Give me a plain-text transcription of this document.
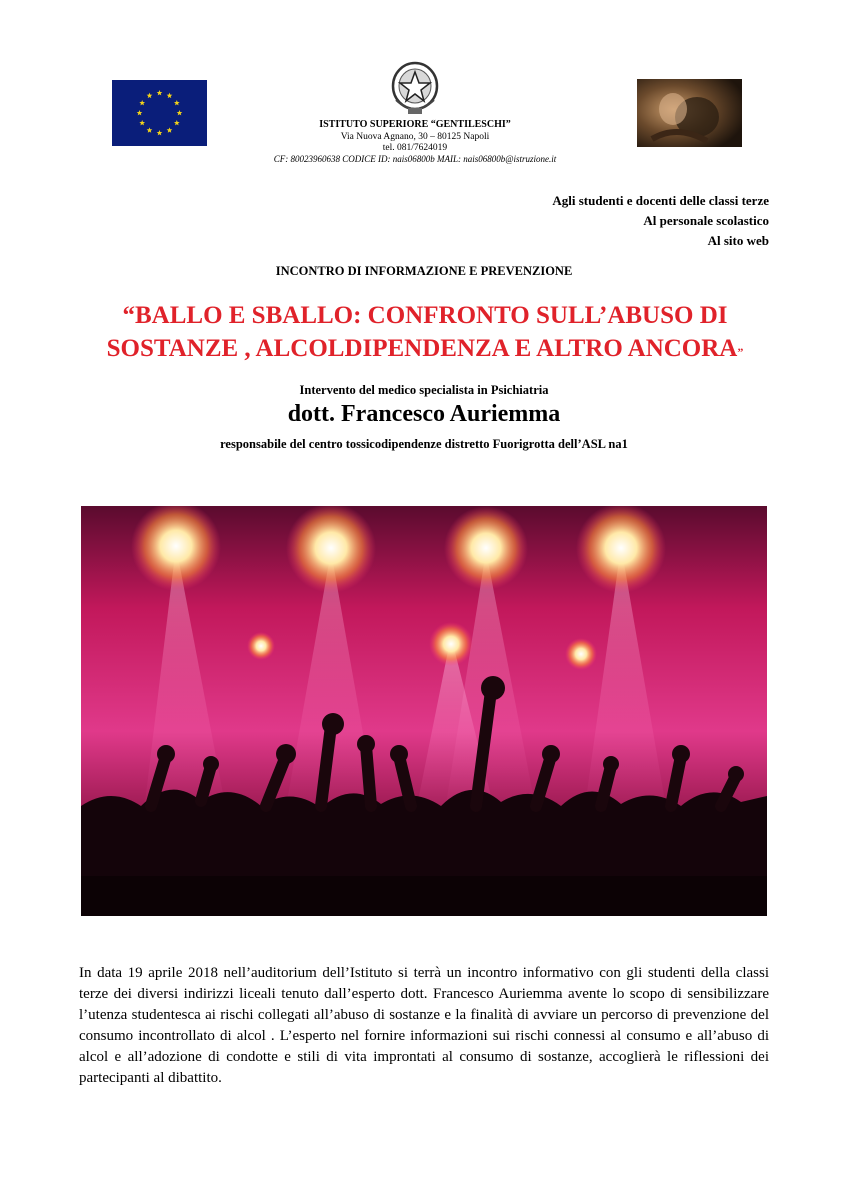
ISTITUTO SUPERIORE “GENTILESCHI”
Via Nuova Agnano, 30 – 80125 Napoli
tel. 081/7624019
CF: 80023960638 CODICE ID: nais06800b MAIL: nais06800b@istruzione.it
Agli studenti e docenti delle classi terze
Al personale scolastico
Al sito web
INCONTRO DI INFORMAZIONE E PREVENZIONE
“BALLO E SBALLO: CONFRONTO SULL’ABUSO DI
SOSTANZE , ALCOLDIPENDENZA E ALTRO ANCORA”
Intervento del medico specialista in Psichiatria
dott. Francesco Auriemma
responsabile del centro tossicodipendenze distretto Fuorigrotta dell’ASL na1
In data 19 aprile 2018 nell’auditorium dell’Istituto si terrà un incontro informativo con gli studenti della classi terze dei diversi indirizzi liceali tenuto dall’esperto dott. Francesco Auriemma avente lo scopo di sensibilizzare l’utenza studentesca ai rischi collegati all’abuso di sostanze e la finalità di avviare un percorso di prevenzione del consumo incontrollato di alcol . L’esperto nel fornire informazioni sui rischi connessi al consumo e all’abuso di alcol e all’adozione di condotte e stili di vita improntati al consumo di sostanze, accoglierà le riflessioni dei partecipanti al dibattito.
